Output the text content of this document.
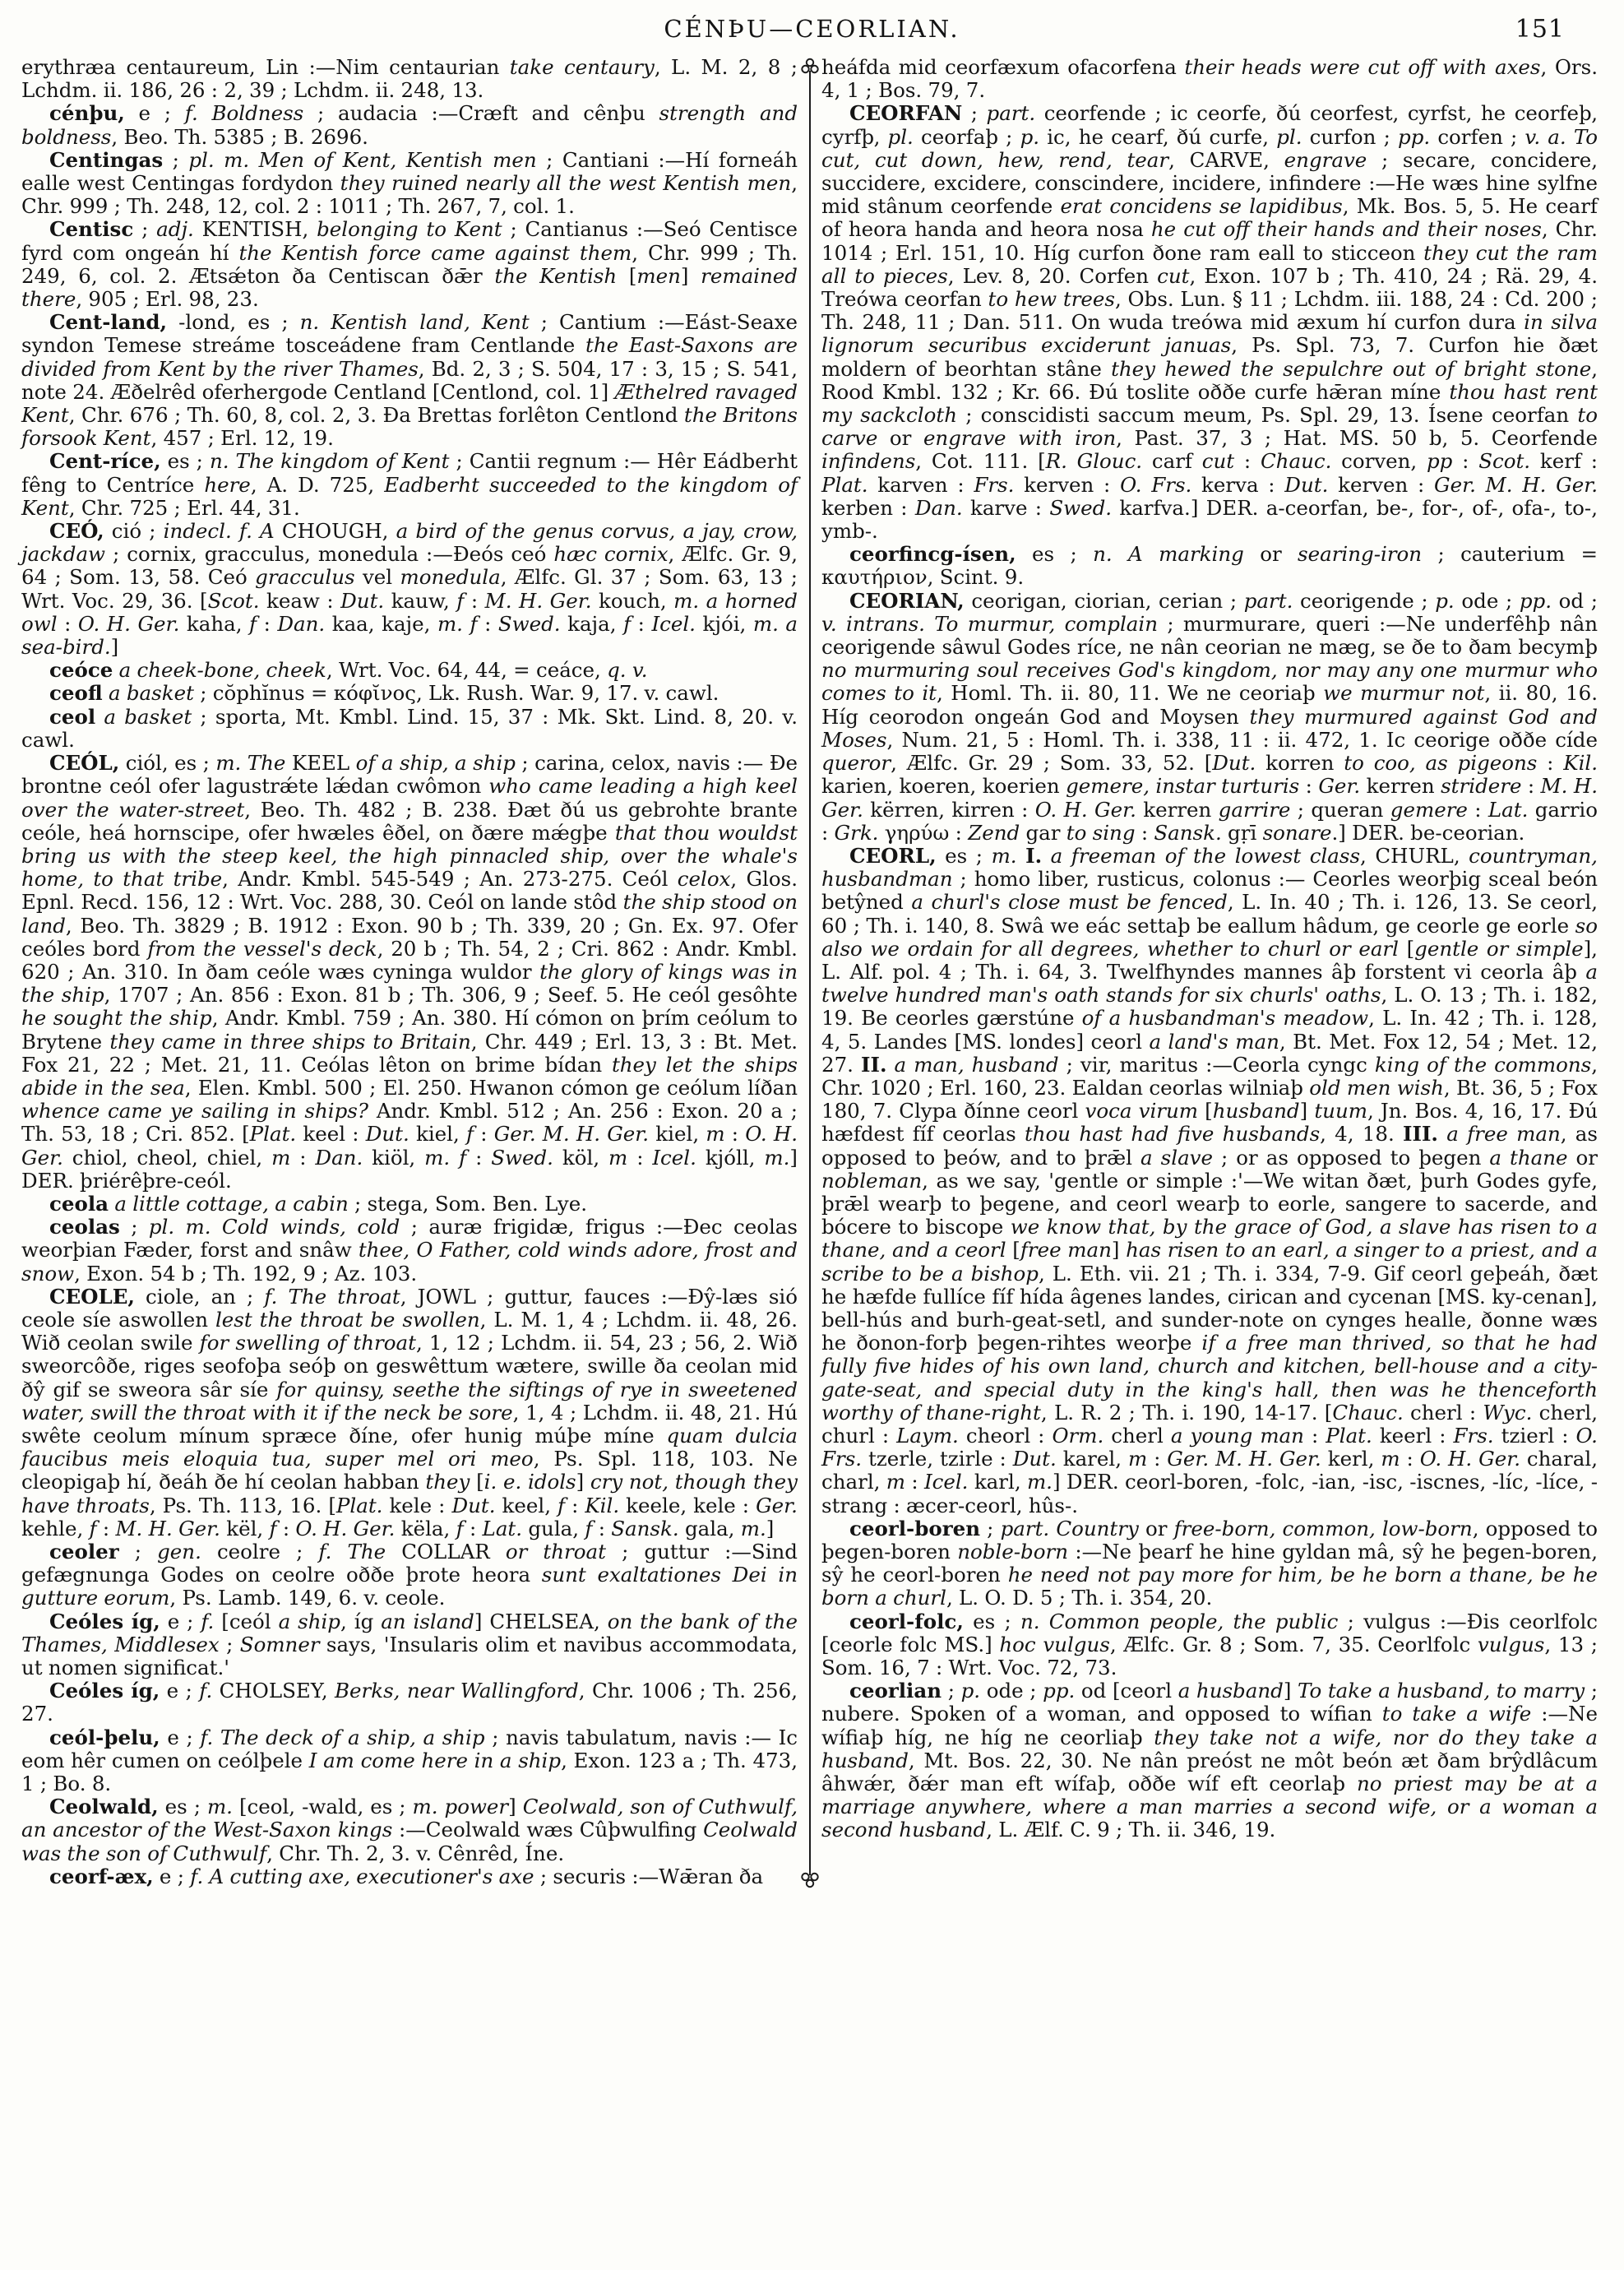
CÉNÞU—CEORLIAN.	151

erythræa centaureum, Lin :—Nim centaurian take centaury, L. M. 2, 8 ; Lchdm. ii. 186, 26 : 2, 39 ; Lchdm. ii. 248, 13.

cénþu, e ; f. Boldness ; audacia :—Cræft and cênþu strength and boldness, Beo. Th. 5385 ; B. 2696.

Centingas ; pl. m. Men of Kent, Kentish men ; Cantiani :—Hí forneáh ealle west Centingas fordydon they ruined nearly all the west Kentish men, Chr. 999 ; Th. 248, 12, col. 2 : 1011 ; Th. 267, 7, col. 1.

Centisc ; adj. KENTISH, belonging to Kent ; Cantianus :—Seó Centisce fyrd com ongeán hí the Kentish force came against them, Chr. 999 ; Th. 249, 6, col. 2. Ætsǽton ða Centiscan ðǣr the Kentish [men] remained there, 905 ; Erl. 98, 23.

Cent-land, -lond, es ; n. Kentish land, Kent ; Cantium :—Eást-Seaxe syndon Temese streáme tosceádene fram Centlande the East-Saxons are divided from Kent by the river Thames, Bd. 2, 3 ; S. 504, 17 : 3, 15 ; S. 541, note 24. Æðelrêd oferhergode Centland [Centlond, col. 1] Æthelred ravaged Kent, Chr. 676 ; Th. 60, 8, col. 2, 3. Ða Brettas forlêton Centlond the Britons forsook Kent, 457 ; Erl. 12, 19.

Cent-ríce, es ; n. The kingdom of Kent ; Cantii regnum :— Hêr Eádberht fêng to Centríce here, A. D. 725, Eadberht succeeded to the kingdom of Kent, Chr. 725 ; Erl. 44, 31.

CEÓ, ció ; indecl. f. A CHOUGH, a bird of the genus corvus, a jay, crow, jackdaw ; cornix, gracculus, monedula :—Ðeós ceó hæc cornix, Ælfc. Gr. 9, 64 ; Som. 13, 58. Ceó gracculus vel monedula, Ælfc. Gl. 37 ; Som. 63, 13 ; Wrt. Voc. 29, 36. [Scot. keaw : Dut. kauw, f : M. H. Ger. kouch, m. a horned owl : O. H. Ger. kaha, f : Dan. kaa, kaje, m. f : Swed. kaja, f : Icel. kjói, m. a sea-bird.]

ceóce a cheek-bone, cheek, Wrt. Voc. 64, 44, = ceáce, q. v.

ceofl a basket ; cŏphĭnus = κόφῐνος, Lk. Rush. War. 9, 17. v. cawl.

ceol a basket ; sporta, Mt. Kmbl. Lind. 15, 37 : Mk. Skt. Lind. 8, 20. v. cawl.

CEÓL, ciól, es ; m. The KEEL of a ship, a ship ; carina, celox, navis :— Ðe brontne ceól ofer lagustrǽte lǽdan cwômon who came leading a high keel over the water-street, Beo. Th. 482 ; B. 238. Ðæt ðú us gebrohte brante ceóle, heá hornscipe, ofer hwæles êðel, on ðære mǽgþe that thou wouldst bring us with the steep keel, the high pinnacled ship, over the whale's home, to that tribe, Andr. Kmbl. 545-549 ; An. 273-275. Ceól celox, Glos. Epnl. Recd. 156, 12 : Wrt. Voc. 288, 30. Ceól on lande stôd the ship stood on land, Beo. Th. 3829 ; B. 1912 : Exon. 90 b ; Th. 339, 20 ; Gn. Ex. 97. Ofer ceóles bord from the vessel's deck, 20 b ; Th. 54, 2 ; Cri. 862 : Andr. Kmbl. 620 ; An. 310. In ðam ceóle wæs cyninga wuldor the glory of kings was in the ship, 1707 ; An. 856 : Exon. 81 b ; Th. 306, 9 ; Seef. 5. He ceól gesôhte he sought the ship, Andr. Kmbl. 759 ; An. 380. Hí cómon on þrím ceólum to Brytene they came in three ships to Britain, Chr. 449 ; Erl. 13, 3 : Bt. Met. Fox 21, 22 ; Met. 21, 11. Ceólas lêton on brime bídan they let the ships abide in the sea, Elen. Kmbl. 500 ; El. 250. Hwanon cómon ge ceólum líðan whence came ye sailing in ships? Andr. Kmbl. 512 ; An. 256 : Exon. 20 a ; Th. 53, 18 ; Cri. 852. [Plat. keel : Dut. kiel, f : Ger. M. H. Ger. kiel, m : O. H. Ger. chiol, cheol, chiel, m : Dan. kiöl, m. f : Swed. köl, m : Icel. kjóll, m.] DER. þriérêþre-ceól.

ceola a little cottage, a cabin ; stega, Som. Ben. Lye.

ceolas ; pl. m. Cold winds, cold ; auræ frigidæ, frigus :—Ðec ceolas weorþian Fæder, forst and snâw thee, O Father, cold winds adore, frost and snow, Exon. 54 b ; Th. 192, 9 ; Az. 103.

CEOLE, ciole, an ; f. The throat, JOWL ; guttur, fauces :—Ðŷ-læs sió ceole síe aswollen lest the throat be swollen, L. M. 1, 4 ; Lchdm. ii. 48, 26. Wið ceolan swile for swelling of throat, 1, 12 ; Lchdm. ii. 54, 23 ; 56, 2. Wið sweorcôðe, riges seofoþa seóþ on geswêttum wætere, swille ða ceolan mid ðŷ gif se sweora sâr síe for quinsy, seethe the siftings of rye in sweetened water, swill the throat with it if the neck be sore, 1, 4 ; Lchdm. ii. 48, 21. Hú swête ceolum mínum spræce ðíne, ofer hunig múþe míne quam dulcia faucibus meis eloquia tua, super mel ori meo, Ps. Spl. 118, 103. Ne cleopigaþ hí, ðeáh ðe hí ceolan habban they [i. e. idols] cry not, though they have throats, Ps. Th. 113, 16. [Plat. kele : Dut. keel, f : Kil. keele, kele : Ger. kehle, f : M. H. Ger. kël, f : O. H. Ger. këla, f : Lat. gula, f : Sansk. gala, m.]

ceoler ; gen. ceolre ; f. The COLLAR or throat ; guttur :—Sind gefægnunga Godes on ceolre oððe þrote heora sunt exaltationes Dei in gutture eorum, Ps. Lamb. 149, 6. v. ceole.

Ceóles íg, e ; f. [ceól a ship, íg an island] CHELSEA, on the bank of the Thames, Middlesex ; Somner says, 'Insularis olim et navibus accommodata, ut nomen significat.'

Ceóles íg, e ; f. CHOLSEY, Berks, near Wallingford, Chr. 1006 ; Th. 256, 27.

ceól-þelu, e ; f. The deck of a ship, a ship ; navis tabulatum, navis :— Ic eom hêr cumen on ceólþele I am come here in a ship, Exon. 123 a ; Th. 473, 1 ; Bo. 8.

Ceolwald, es ; m. [ceol, -wald, es ; m. power] Ceolwald, son of Cuthwulf, an ancestor of the West-Saxon kings :—Ceolwald wæs Cûþwulfing Ceolwald was the son of Cuthwulf, Chr. Th. 2, 3. v. Cênrêd, Íne.

ceorf-æx, e ; f. A cutting axe, executioner's axe ; securis :—Wǣran ða

heáfda mid ceorfæxum ofacorfena their heads were cut off with axes, Ors. 4, 1 ; Bos. 79, 7.

CEORFAN ; part. ceorfende ; ic ceorfe, ðú ceorfest, cyrfst, he ceorfeþ, cyrfþ, pl. ceorfaþ ; p. ic, he cearf, ðú curfe, pl. curfon ; pp. corfen ; v. a. To cut, cut down, hew, rend, tear, CARVE, engrave ; secare, concidere, succidere, excidere, conscindere, incidere, infindere :—He wæs hine sylfne mid stânum ceorfende erat concidens se lapidibus, Mk. Bos. 5, 5. He cearf of heora handa and heora nosa he cut off their hands and their noses, Chr. 1014 ; Erl. 151, 10. Híg curfon ðone ram eall to sticceon they cut the ram all to pieces, Lev. 8, 20. Corfen cut, Exon. 107 b ; Th. 410, 24 ; Rä. 29, 4. Treówa ceorfan to hew trees, Obs. Lun. § 11 ; Lchdm. iii. 188, 24 : Cd. 200 ; Th. 248, 11 ; Dan. 511. On wuda treówa mid æxum hí curfon dura in silva lignorum securibus exciderunt januas, Ps. Spl. 73, 7. Curfon hie ðæt moldern of beorhtan stâne they hewed the sepulchre out of bright stone, Rood Kmbl. 132 ; Kr. 66. Ðú toslite oððe curfe hǣran míne thou hast rent my sackcloth ; conscidisti saccum meum, Ps. Spl. 29, 13. Ísene ceorfan to carve or engrave with iron, Past. 37, 3 ; Hat. MS. 50 b, 5. Ceorfende infindens, Cot. 111. [R. Glouc. carf cut : Chauc. corven, pp : Scot. kerf : Plat. karven : Frs. kerven : O. Frs. kerva : Dut. kerven : Ger. M. H. Ger. kerben : Dan. karve : Swed. karfva.] DER. a-ceorfan, be-, for-, of-, ofa-, to-, ymb-.

ceorfincg-ísen, es ; n. A marking or searing-iron ; cauterium = καυτήριον, Scint. 9.

CEORIAN, ceorigan, ciorian, cerian ; part. ceorigende ; p. ode ; pp. od ; v. intrans. To murmur, complain ; murmurare, queri :—Ne underfêhþ nân ceorigende sâwul Godes ríce, ne nân ceorian ne mæg, se ðe to ðam becymþ no murmuring soul receives God's kingdom, nor may any one murmur who comes to it, Homl. Th. ii. 80, 11. We ne ceoriaþ we murmur not, ii. 80, 16. Híg ceorodon ongeán God and Moysen they murmured against God and Moses, Num. 21, 5 : Homl. Th. i. 338, 11 : ii. 472, 1. Ic ceorige oððe cíde queror, Ælfc. Gr. 29 ; Som. 33, 52. [Dut. korren to coo, as pigeons : Kil. karien, koeren, koerien gemere, instar turturis : Ger. kerren stridere : M. H. Ger. kërren, kirren : O. H. Ger. kerren garrire ; queran gemere : Lat. garrio : Grk. γηρύω : Zend gar to sing : Sansk. gṛī sonare.] DER. be-ceorian.

CEORL, es ; m. I. a freeman of the lowest class, CHURL, countryman, husbandman ; homo liber, rusticus, colonus :— Ceorles weorþig sceal beón betŷned a churl's close must be fenced, L. In. 40 ; Th. i. 126, 13. Se ceorl, 60 ; Th. i. 140, 8. Swâ we eác settaþ be eallum hâdum, ge ceorle ge eorle so also we ordain for all degrees, whether to churl or earl [gentle or simple], L. Alf. pol. 4 ; Th. i. 64, 3. Twelfhyndes mannes âþ forstent vi ceorla âþ a twelve hundred man's oath stands for six churls' oaths, L. O. 13 ; Th. i. 182, 19. Be ceorles gærstúne of a husbandman's meadow, L. In. 42 ; Th. i. 128, 4, 5. Landes [MS. londes] ceorl a land's man, Bt. Met. Fox 12, 54 ; Met. 12, 27. II. a man, husband ; vir, maritus :—Ceorla cyngc king of the commons, Chr. 1020 ; Erl. 160, 23. Ealdan ceorlas wilniaþ old men wish, Bt. 36, 5 ; Fox 180, 7. Clypa ðínne ceorl voca virum [husband] tuum, Jn. Bos. 4, 16, 17. Ðú hæfdest fíf ceorlas thou hast had five husbands, 4, 18. III. a free man, as opposed to þeów, and to þrǣl a slave ; or as opposed to þegen a thane or nobleman, as we say, 'gentle or simple :'—We witan ðæt, þurh Godes gyfe, þrǣl wearþ to þegene, and ceorl wearþ to eorle, sangere to sacerde, and bócere to biscope we know that, by the grace of God, a slave has risen to a thane, and a ceorl [free man] has risen to an earl, a singer to a priest, and a scribe to be a bishop, L. Eth. vii. 21 ; Th. i. 334, 7-9. Gif ceorl geþeáh, ðæt he hæfde fullíce fíf hída âgenes landes, cirican and cycenan [MS. ky-cenan], bell-hús and burh-geat-setl, and sunder-note on cynges healle, ðonne wæs he ðonon-forþ þegen-rihtes weorþe if a free man thrived, so that he had fully five hides of his own land, church and kitchen, bell-house and a city-gate-seat, and special duty in the king's hall, then was he thenceforth worthy of thane-right, L. R. 2 ; Th. i. 190, 14-17. [Chauc. cherl : Wyc. cherl, churl : Laym. cheorl : Orm. cherl a young man : Plat. keerl : Frs. tzierl : O. Frs. tzerle, tzirle : Dut. karel, m : Ger. M. H. Ger. kerl, m : O. H. Ger. charal, charl, m : Icel. karl, m.] DER. ceorl-boren, -folc, -ian, -isc, -iscnes, -líc, -líce, -strang : æcer-ceorl, hûs-.

ceorl-boren ; part. Country or free-born, common, low-born, opposed to þegen-boren noble-born :—Ne þearf he hine gyldan mâ, sŷ he þegen-boren, sŷ he ceorl-boren he need not pay more for him, be he born a thane, be he born a churl, L. O. D. 5 ; Th. i. 354, 20.

ceorl-folc, es ; n. Common people, the public ; vulgus :—Ðis ceorlfolc [ceorle folc MS.] hoc vulgus, Ælfc. Gr. 8 ; Som. 7, 35. Ceorlfolc vulgus, 13 ; Som. 16, 7 : Wrt. Voc. 72, 73.

ceorlian ; p. ode ; pp. od [ceorl a husband] To take a husband, to marry ; nubere. Spoken of a woman, and opposed to wífian to take a wife :—Ne wífiaþ híg, ne híg ne ceorliaþ they take not a wife, nor do they take a husband, Mt. Bos. 22, 30. Ne nân preóst ne môt beón æt ðam brŷdlâcum âhwǽr, ðǽr man eft wífaþ, oððe wíf eft ceorlaþ no priest may be at a marriage anywhere, where a man marries a second wife, or a woman a second husband, L. Ælf. C. 9 ; Th. ii. 346, 19.
